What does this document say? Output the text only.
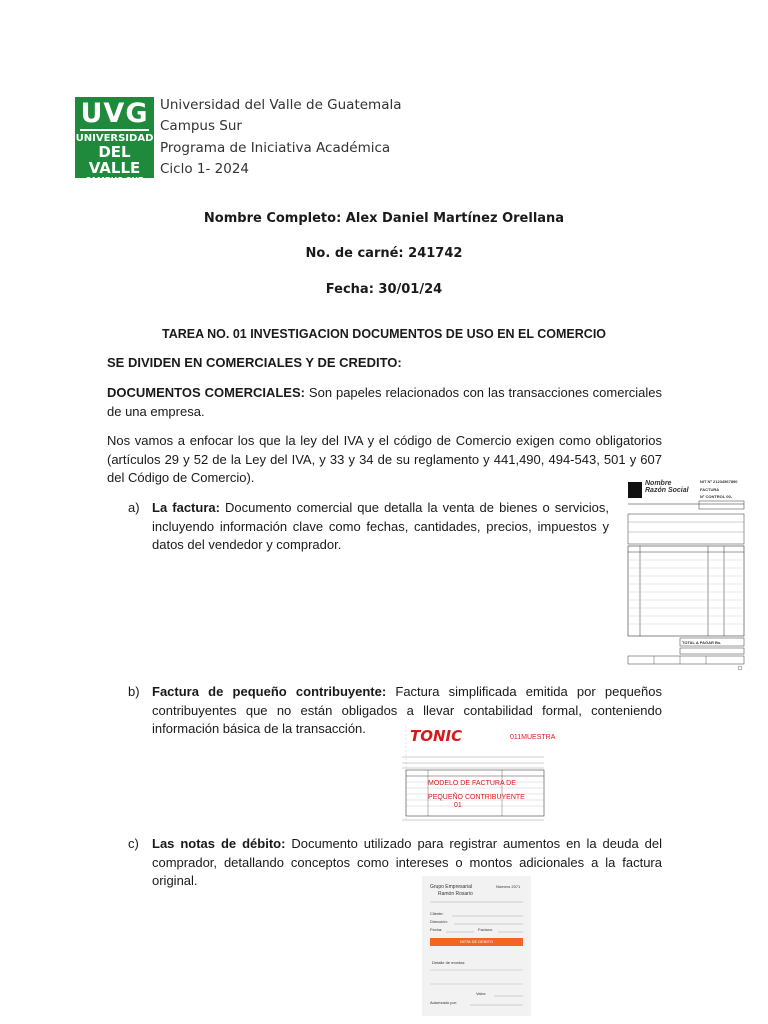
UVG
UNIVERSIDAD
DEL VALLE
CAMPUS SUR
Universidad del Valle de Guatemala
Campus Sur
Programa de Iniciativa Académica
Ciclo 1- 2024
Nombre Completo: Alex Daniel Martínez Orellana
No. de carné: 241742
Fecha: 30/01/24
TAREA NO. 01 INVESTIGACION DOCUMENTOS DE USO EN EL COMERCIO
SE DIVIDEN EN COMERCIALES Y DE CREDITO:
DOCUMENTOS COMERCIALES: Son papeles relacionados con las transacciones comerciales de una empresa.
Nos vamos a enfocar los que la ley del IVA y el código de Comercio exigen como obligatorios (artículos 29 y 52 de la Ley del IVA, y 33 y 34 de su reglamento y 441,490, 494-543, 501 y 607 del Código de Comercio).
a) La factura: Documento comercial que detalla la venta de bienes o servicios, incluyendo información clave como fechas, cantidades, precios, impuestos y datos del vendedor y comprador.
Nombre
Razón Social
NIT Nº 21234567890
FACTURA
Nº CONTROL 00-
TOTAL A PAGAR Bs.
b) Factura de pequeño contribuyente: Factura simplificada emitida por pequeños contribuyentes que no están obligados a llevar contabilidad formal, conteniendo información básica de la transacción.	TONIC	011MUESTRA
MODELO DE FACTURA DE
PEQUEÑO CONTRIBUYENTE
01
c) Las notas de débito: Documento utilizado para registrar aumentos en la deuda del comprador, detallando conceptos como intereses o montos adicionales a la factura original.	Grupo Empresarial
Ramón Rosario
Número 2071
Cliente:
Dirección:
Fecha:	Factura:
NOTA DE DEBITO
Detalle de montos:
Valor:
Autorizado por:
